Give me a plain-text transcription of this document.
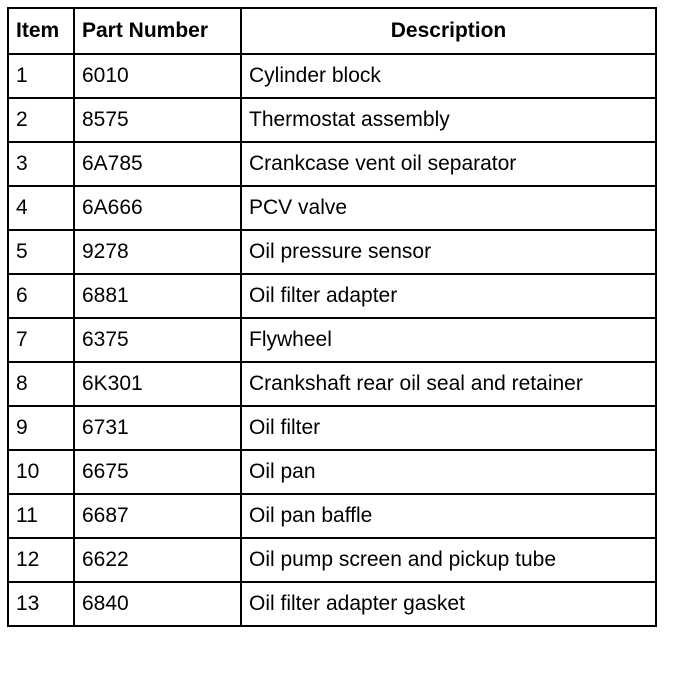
Item	Part Number	Description
1	6010	Cylinder block
2	8575	Thermostat assembly
3	6A785	Crankcase vent oil separator
4	6A666	PCV valve
5	9278	Oil pressure sensor
6	6881	Oil filter adapter
7	6375	Flywheel
8	6K301	Crankshaft rear oil seal and retainer
9	6731	Oil filter
10	6675	Oil pan
11	6687	Oil pan baffle
12	6622	Oil pump screen and pickup tube
13	6840	Oil filter adapter gasket
